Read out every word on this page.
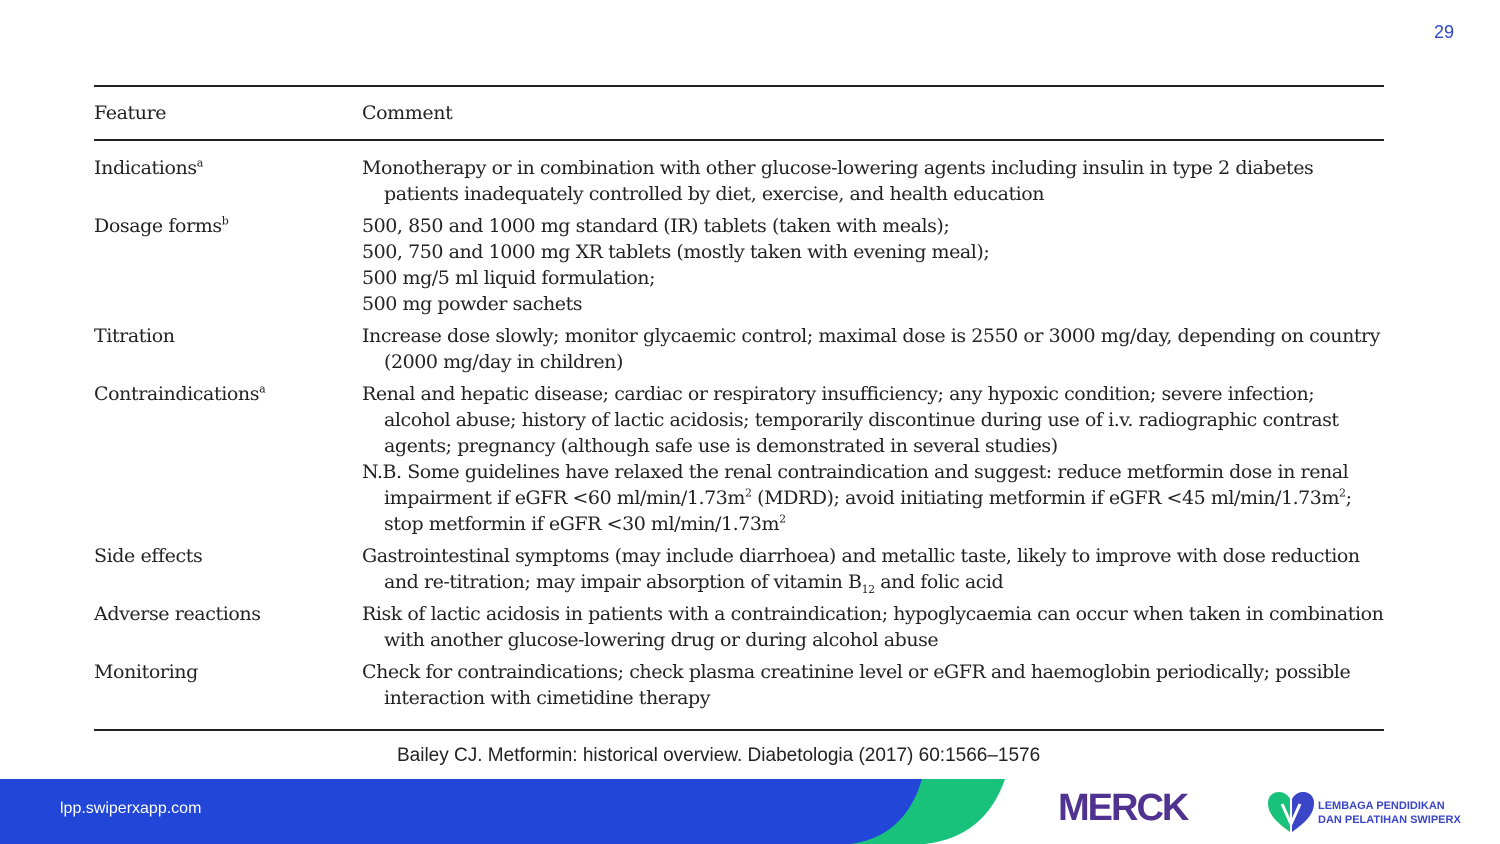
29
Feature	Comment
Indications$^a$	Monotherapy or in combination with other glucose-lowering agents including insulin in type 2 diabetes patients inadequately controlled by diet, exercise, and health education
Dosage forms$^b$	500, 850 and 1000 mg standard (IR) tablets (taken with meals);
500, 750 and 1000 mg XR tablets (mostly taken with evening meal);
500 mg/5 ml liquid formulation;
500 mg powder sachets
Titration	Increase dose slowly; monitor glycaemic control; maximal dose is 2550 or 3000 mg/day, depending on country (2000 mg/day in children)
Contraindications$^a$	Renal and hepatic disease; cardiac or respiratory insufficiency; any hypoxic condition; severe infection; alcohol abuse; history of lactic acidosis; temporarily discontinue during use of i.v. radiographic contrast agents; pregnancy (although safe use is demonstrated in several studies)
N.B. Some guidelines have relaxed the renal contraindication and suggest: reduce metformin dose in renal impairment if eGFR <60 $ml/\min/1.73m^2$ (MDRD); avoid initiating metformin if eGFR <45 $ml/\min/1.73m^2$; stop metformin if eGFR <30 $ml/\min/1.73m^2$
Side effects	Gastrointestinal symptoms (may include diarrhoea) and metallic taste, likely to improve with dose reduction and re-titration; may impair absorption of vitamin $B_{12}$ and folic acid
Adverse reactions	Risk of lactic acidosis in patients with a contraindication; hypoglycaemia can occur when taken in combination with another glucose-lowering drug or during alcohol abuse
Monitoring	Check for contraindications; check plasma creatinine level or eGFR and haemoglobin periodically; possible interaction with cimetidine therapy
Bailey CJ. Metformin: historical overview. Diabetologia (2017) 60:1566–1576
lpp.swiperxapp.com	MERCK	LEMBAGA PENDIDIKAN
DAN PELATIHAN SWIPERX
